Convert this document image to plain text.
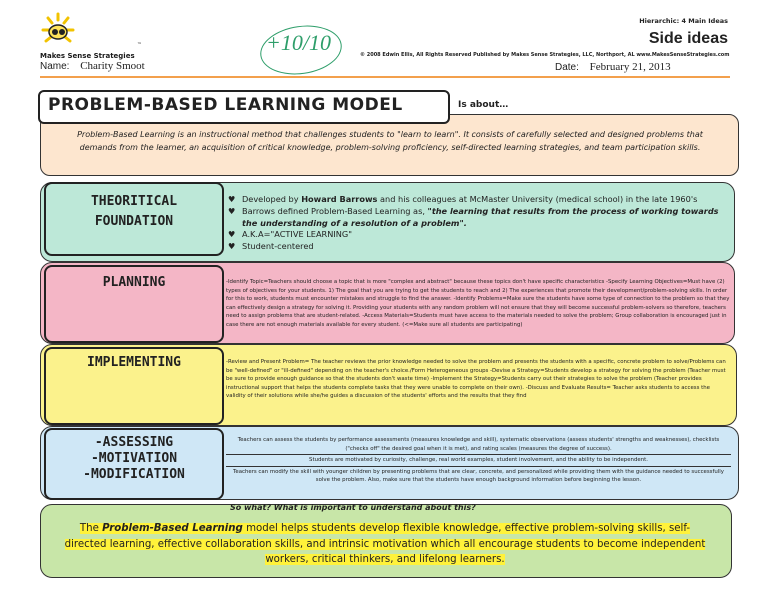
Makes Sense Strategies
™
Name: Charity Smoot
+10/10
Hierarchic: 4 Main Ideas
Side ideas
© 2008 Edwin Ellis, All Rights Reserved Published by Makes Sense Strategies, LLC, Northport, AL www.MakesSenseStrategies.com
Date: February 21, 2013
PROBLEM-BASED LEARNING MODEL	Is about…
Problem-Based Learning is an instructional method that challenges students to "learn to learn". It consists of carefully selected and designed problems that demands from the learner, an acquisition of critical knowledge, problem-solving proficiency, self-directed learning strategies, and team participation skills.
THEORITICAL
FOUNDATION
♥ Developed by Howard Barrows and his colleagues at McMaster University (medical school) in the late 1960's
♥ Barrows defined Problem-Based Learning as, "the learning that results from the process of working towards
the understanding of a resolution of a problem".
♥ A.K.A="ACTIVE LEARNING"
♥ Student-centered
PLANNING	-Identify Topic=Teachers should choose a topic that is more "complex and abstract" because these topics don't have specific characteristics -Specify Learning Objectives=Must have (2) types of objectives for your students. 1) The goal that you are trying to get the students to reach and 2) The experiences that promote their development/problem-solving skills. In order for this to work, students must encounter mistakes and struggle to find the answer. -Identify Problems=Make sure the students have some type of connection to the problem so that they can effectively design a strategy for solving it. Providing your students with any random problem will not ensure that they will become successful problem-solvers so therefore, teachers need to assign problems that are student-related. -Access Materials=Students must have access to the materials needed to solve the problem; Group collaboration is encouraged just in case there are not enough materials available for every student. (<=Make sure all students are participating)
IMPLEMENTING	-Review and Present Problem= The teacher reviews the prior knowledge needed to solve the problem and presents the students with a specific, concrete problem to solve/Problems can be "well-defined" or "ill-defined" depending on the teacher's choice./Form Heterogeneous groups -Devise a Strategy=Students develop a strategy for solving the problem (Teacher must be sure to provide enough guidance so that the students don't waste time) -Implement the Strategy=Students carry out their strategies to solve the problem (Teacher provides instructional support that helps the students complete tasks that they were unable to complete on their own). -Discuss and Evaluate Results= Teacher asks students to access the validity of their solutions while she/he guides a discussion of the students' efforts and the results that they find
-ASSESSING
-MOTIVATION
-MODIFICATION
Teachers can assess the students by performance assessments (measures knowledge and skill), systematic observations (assess students' strengths and weaknesses), checklists ("checks off" the desired goal when it is met), and rating scales (measures the degree of success).
Students are motivated by curiosity, challenge, real world examples, student involvement, and the ability to be independent.
Teachers can modify the skill with younger children by presenting problems that are clear, concrete, and personalized while providing them with the guidance needed to successfully solve the problem. Also, make sure that the students have enough background information before beginning the lesson.
So what? What is important to understand about this?
The Problem-Based Learning model helps students develop flexible knowledge, effective problem-solving skills, self-directed learning, effective collaboration skills, and intrinsic motivation which all encourage students to become independent workers, critical thinkers, and lifelong learners.
